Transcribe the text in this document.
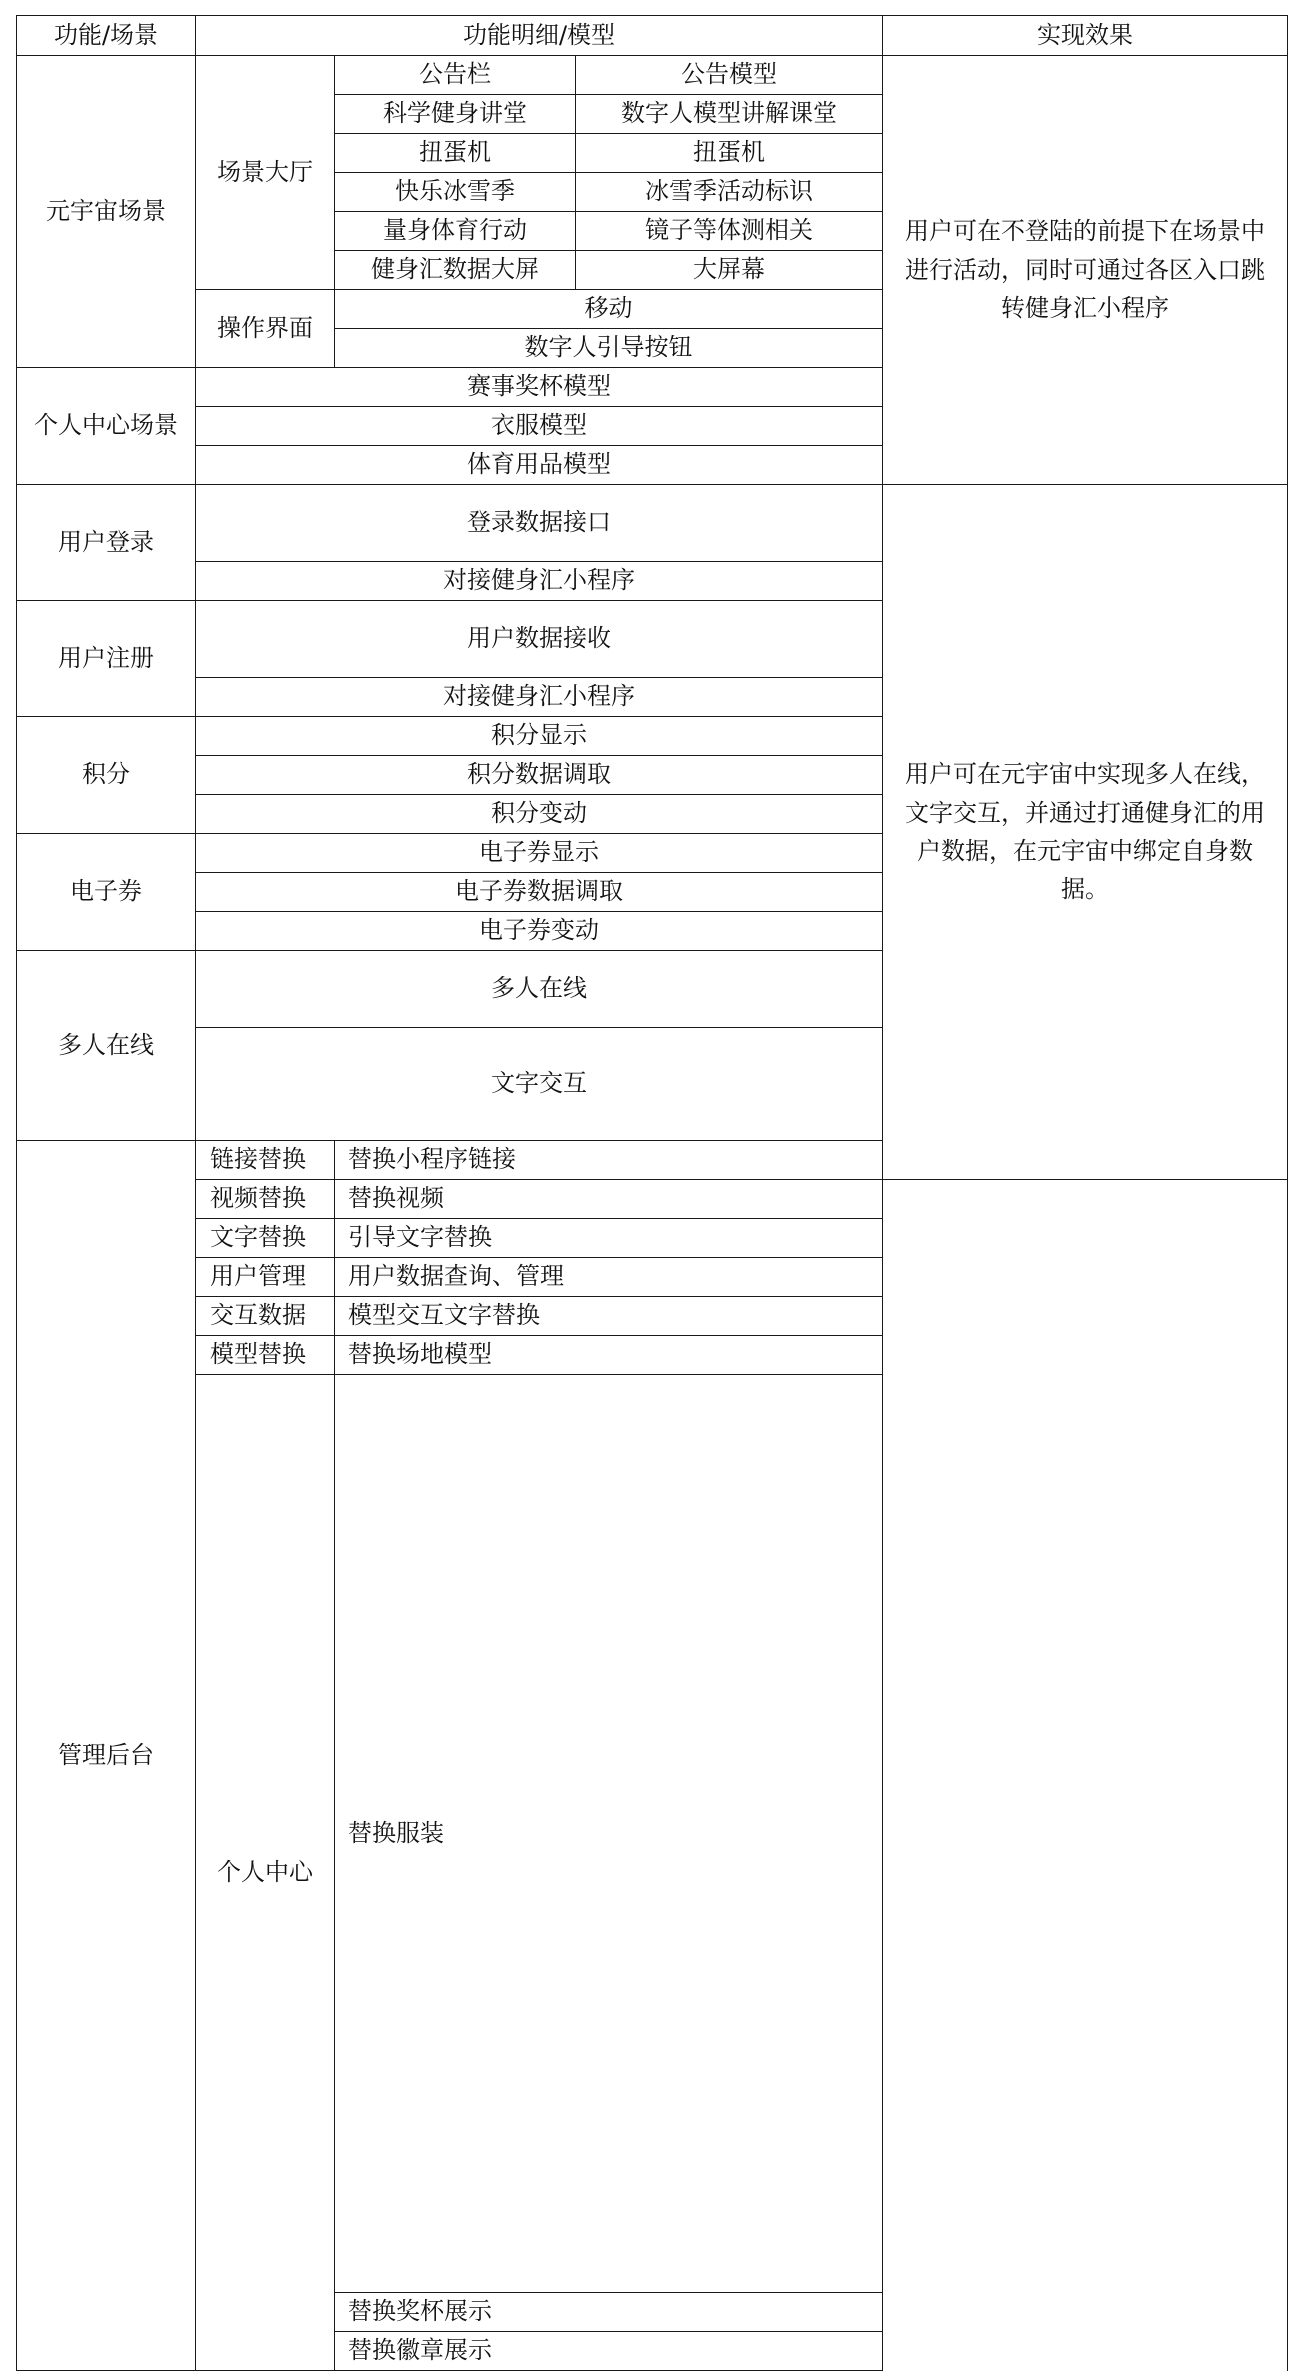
功能/场景	功能明细/模型			实现效果	
元宇宙场景	场景大厅	公告栏	公告模型	用户可在不登陆的前提下在场景中进行活动，同时可通过各区入口跳转健身汇小程序	
		科学健身讲堂	数字人模型讲解课堂		
		扭蛋机	扭蛋机		
		快乐冰雪季	冰雪季活动标识		
		量身体育行动	镜子等体测相关		
		健身汇数据大屏	大屏幕		
	操作界面	移动			
		数字人引导按钮			
个人中心场景	赛事奖杯模型				
	衣服模型				
	体育用品模型				
用户登录	登录数据接口			用户可在元宇宙中实现多人在线，文字交互，并通过打通健身汇的用户数据，在元宇宙中绑定自身数据。	
	对接健身汇小程序				
用户注册	用户数据接收				
	对接健身汇小程序				
积分	积分显示				
	积分数据调取				
	积分变动				
电子券	电子券显示				
	电子券数据调取				
	电子券变动				
多人在线	多人在线				
	文字交互				
管理后台	链接替换	替换小程序链接	
	视频替换	替换视频			
	文字替换	引导文字替换			
	用户管理	用户数据查询、管理			
	交互数据	模型交互文字替换			
	模型替换	替换场地模型			
	个人中心	替换服装			
		替换奖杯展示			
		替换徽章展示			
